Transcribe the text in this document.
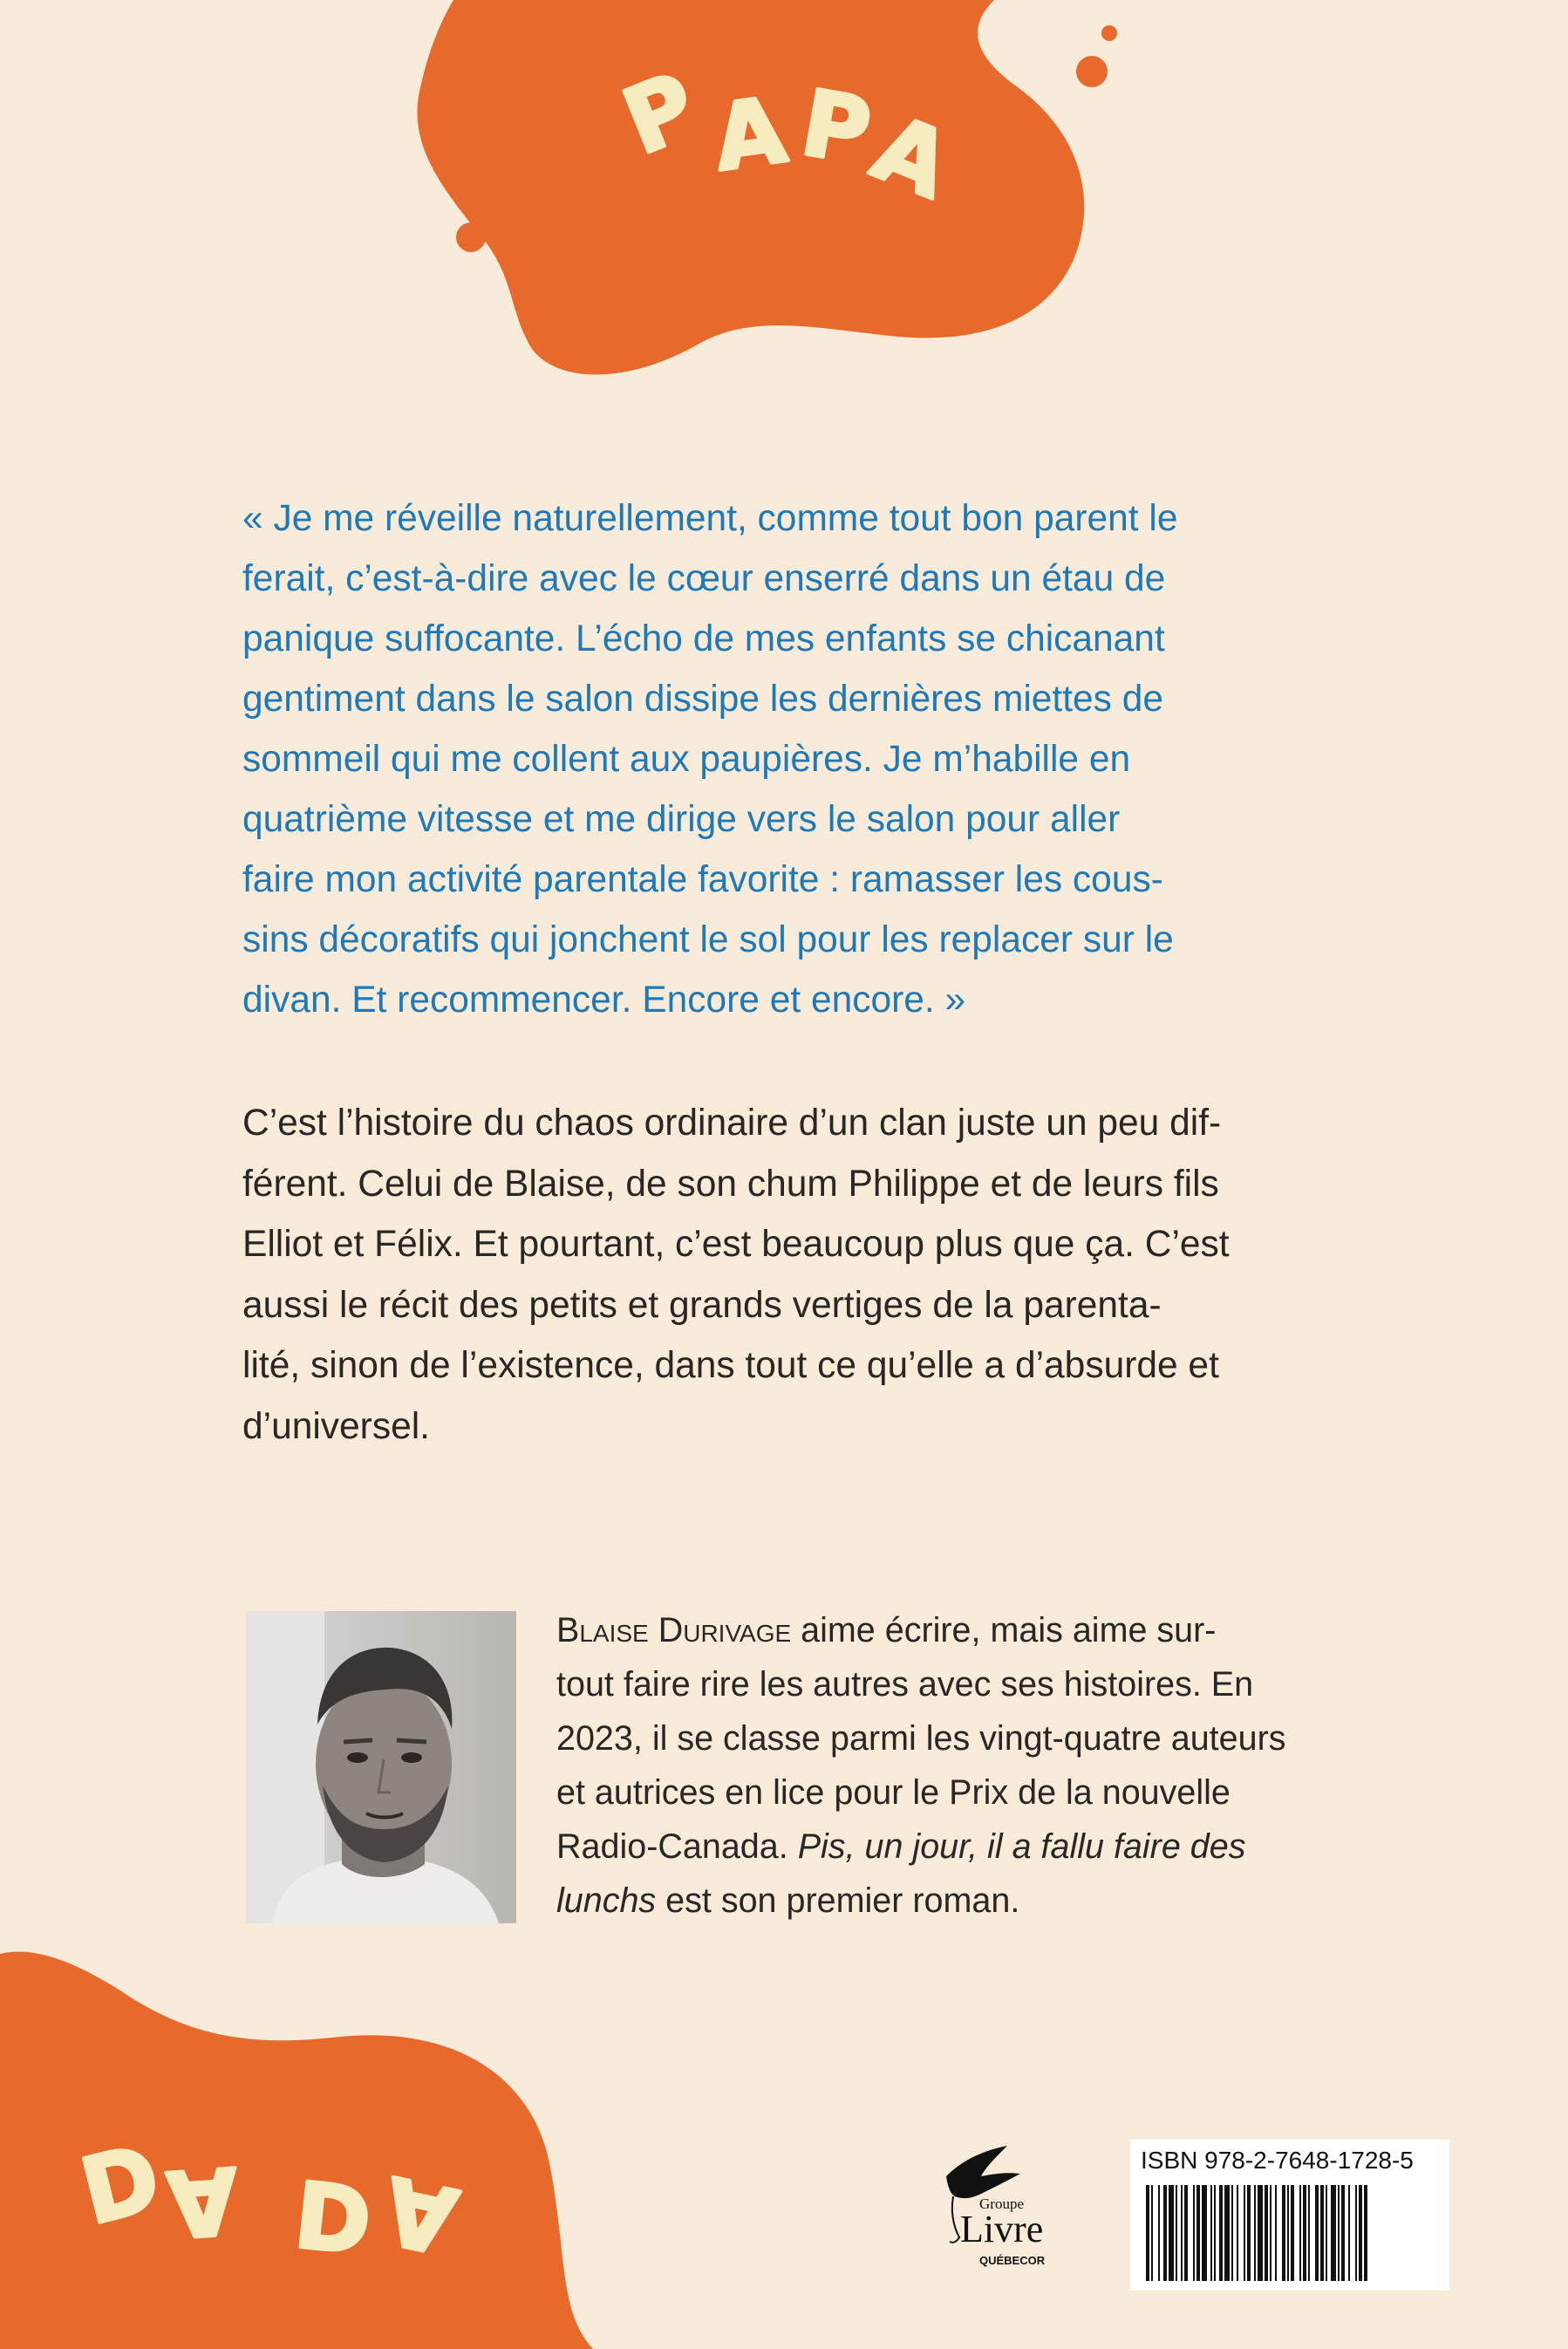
P
A P
A

« Je me réveille naturellement, comme tout bon parent le
ferait, c’est-à-dire avec le cœur enserré dans un étau de
panique suffocante. L’écho de mes enfants se chicanant
gentiment dans le salon dissipe les dernières miettes de
sommeil qui me collent aux paupières. Je m’habille en
quatrième vitesse et me dirige vers le salon pour aller
faire mon activité parentale favorite : ramasser les cous-
sins décoratifs qui jonchent le sol pour les replacer sur le
divan. Et recommencer. Encore et encore. »

C’est l’histoire du chaos ordinaire d’un clan juste un peu dif-
férent. Celui de Blaise, de son chum Philippe et de leurs fils
Elliot et Félix. Et pourtant, c’est beaucoup plus que ça. C’est
aussi le récit des petits et grands vertiges de la parenta-
lité, sinon de l’existence, dans tout ce qu’elle a d’absurde et
d’universel.

Blaise Durivage aime écrire, mais aime sur-
tout faire rire les autres avec ses histoires. En
2023, il se classe parmi les vingt-quatre auteurs
et autrices en lice pour le Prix de la nouvelle
Radio-Canada. Pis, un jour, il a fallu faire des
lunchs est son premier roman.

D
A D
A	Groupe
Livre
QUÉBECOR
ISBN 978-2-7648-1728-5
